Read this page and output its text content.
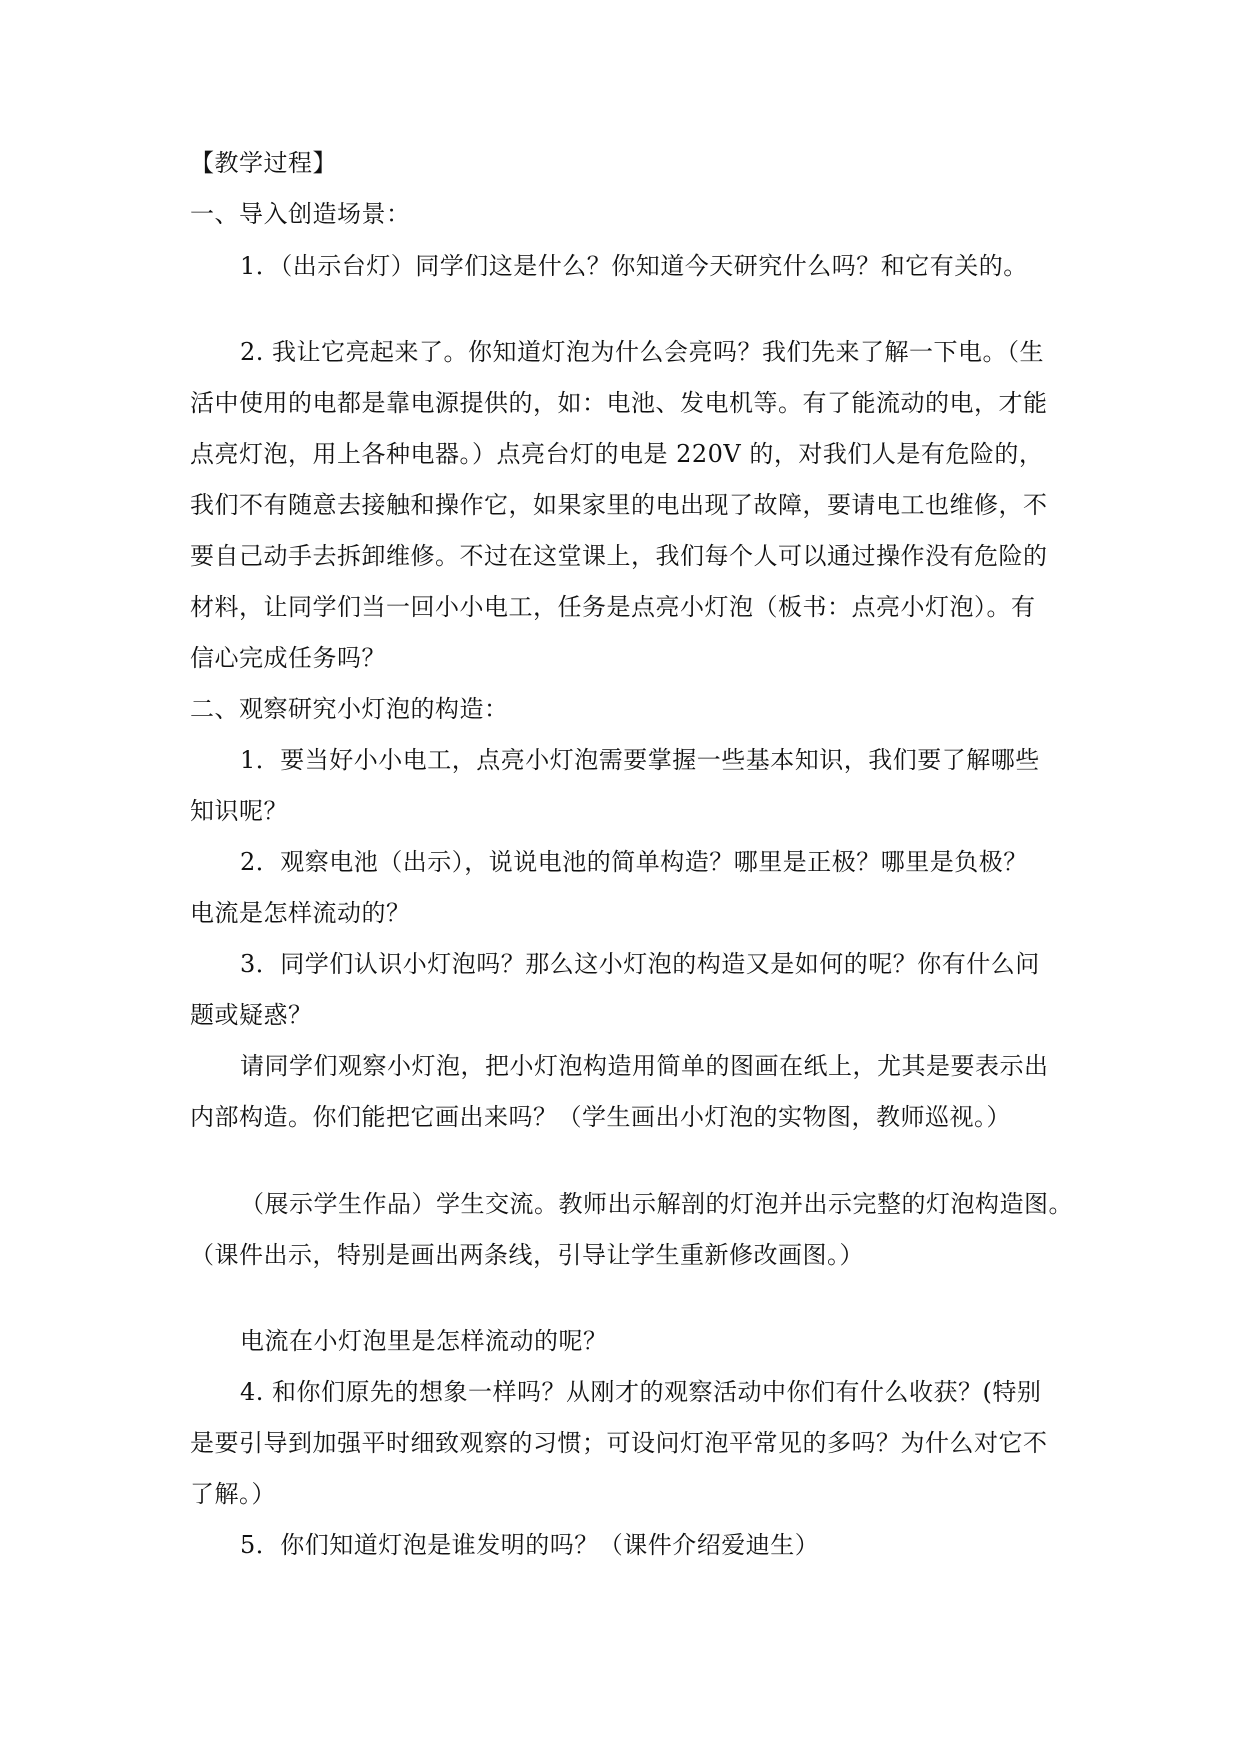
【教学过程】
一、导入创造场景：
1．（出示台灯）同学们这是什么？你知道今天研究什么吗？和它有关的。
2. 我让它亮起来了。你知道灯泡为什么会亮吗？我们先来了解一下电。（生
活中使用的电都是靠电源提供的，如：电池、发电机等。有了能流动的电，才能
点亮灯泡，用上各种电器。）点亮台灯的电是 220V 的，对我们人是有危险的，
我们不有随意去接触和操作它，如果家里的电出现了故障，要请电工也维修，不
要自己动手去拆卸维修。不过在这堂课上，我们每个人可以通过操作没有危险的
材料，让同学们当一回小小电工，任务是点亮小灯泡（板书：点亮小灯泡）。有
信心完成任务吗？
二、观察研究小灯泡的构造：
1．要当好小小电工，点亮小灯泡需要掌握一些基本知识，我们要了解哪些
知识呢？
2．观察电池（出示），说说电池的简单构造？哪里是正极？哪里是负极？
电流是怎样流动的？
3．同学们认识小灯泡吗？那么这小灯泡的构造又是如何的呢？你有什么问
题或疑惑？
请同学们观察小灯泡，把小灯泡构造用简单的图画在纸上，尤其是要表示出
内部构造。你们能把它画出来吗？（学生画出小灯泡的实物图，教师巡视。）
（展示学生作品）学生交流。教师出示解剖的灯泡并出示完整的灯泡构造图。
（课件出示，特别是画出两条线，引导让学生重新修改画图。）
电流在小灯泡里是怎样流动的呢？
4. 和你们原先的想象一样吗？从刚才的观察活动中你们有什么收获？(特别
是要引导到加强平时细致观察的习惯；可设问灯泡平常见的多吗？为什么对它不
了解。）
5．你们知道灯泡是谁发明的吗？（课件介绍爱迪生）
